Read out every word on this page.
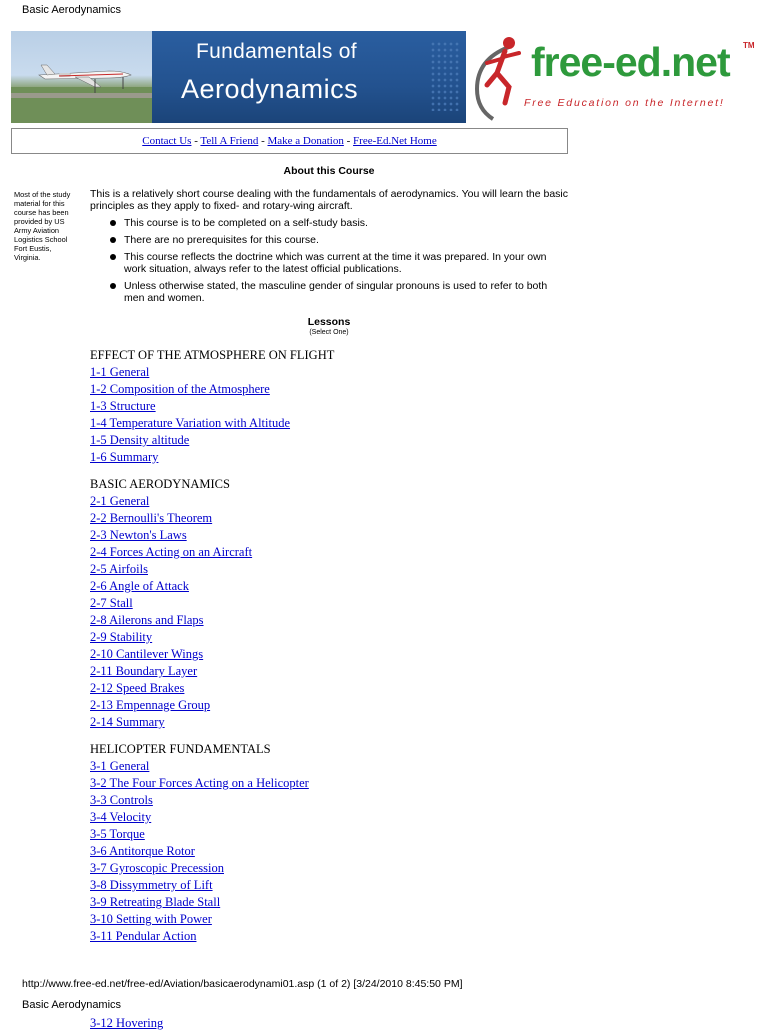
Basic Aerodynamics
Fundamentals of
Aerodynamics
free-ed.net TM
Free Education on the Internet!
Contact Us - Tell A Friend - Make a Donation - Free-Ed.Net Home
About this Course
Most of the study material for this course has been provided by US Army Aviation Logistics School Fort Eustis, Virginia.
This is a relatively short course dealing with the fundamentals of aerodynamics. You will learn the basic principles as they apply to fixed- and rotary-wing aircraft.
This course is to be completed on a self-study basis.
There are no prerequisites for this course.
This course reflects the doctrine which was current at the time it was prepared. In your own work situation, always refer to the latest official publications.
Unless otherwise stated, the masculine gender of singular pronouns is used to refer to both men and women.
Lessons
(Select One)
EFFECT OF THE ATMOSPHERE ON FLIGHT
1-1 General
1-2 Composition of the Atmosphere
1-3 Structure
1-4 Temperature Variation with Altitude
1-5 Density altitude
1-6 Summary
BASIC AERODYNAMICS
2-1 General
2-2 Bernoulli's Theorem
2-3 Newton's Laws
2-4 Forces Acting on an Aircraft
2-5 Airfoils
2-6 Angle of Attack
2-7 Stall
2-8 Ailerons and Flaps
2-9 Stability
2-10 Cantilever Wings
2-11 Boundary Layer
2-12 Speed Brakes
2-13 Empennage Group
2-14 Summary
HELICOPTER FUNDAMENTALS
3-1 General
3-2 The Four Forces Acting on a Helicopter
3-3 Controls
3-4 Velocity
3-5 Torque
3-6 Antitorque Rotor
3-7 Gyroscopic Precession
3-8 Dissymmetry of Lift
3-9 Retreating Blade Stall
3-10 Setting with Power
3-11 Pendular Action
http://www.free-ed.net/free-ed/Aviation/basicaerodynami01.asp (1 of 2) [3/24/2010 8:45:50 PM]
Basic Aerodynamics
3-12 Hovering
